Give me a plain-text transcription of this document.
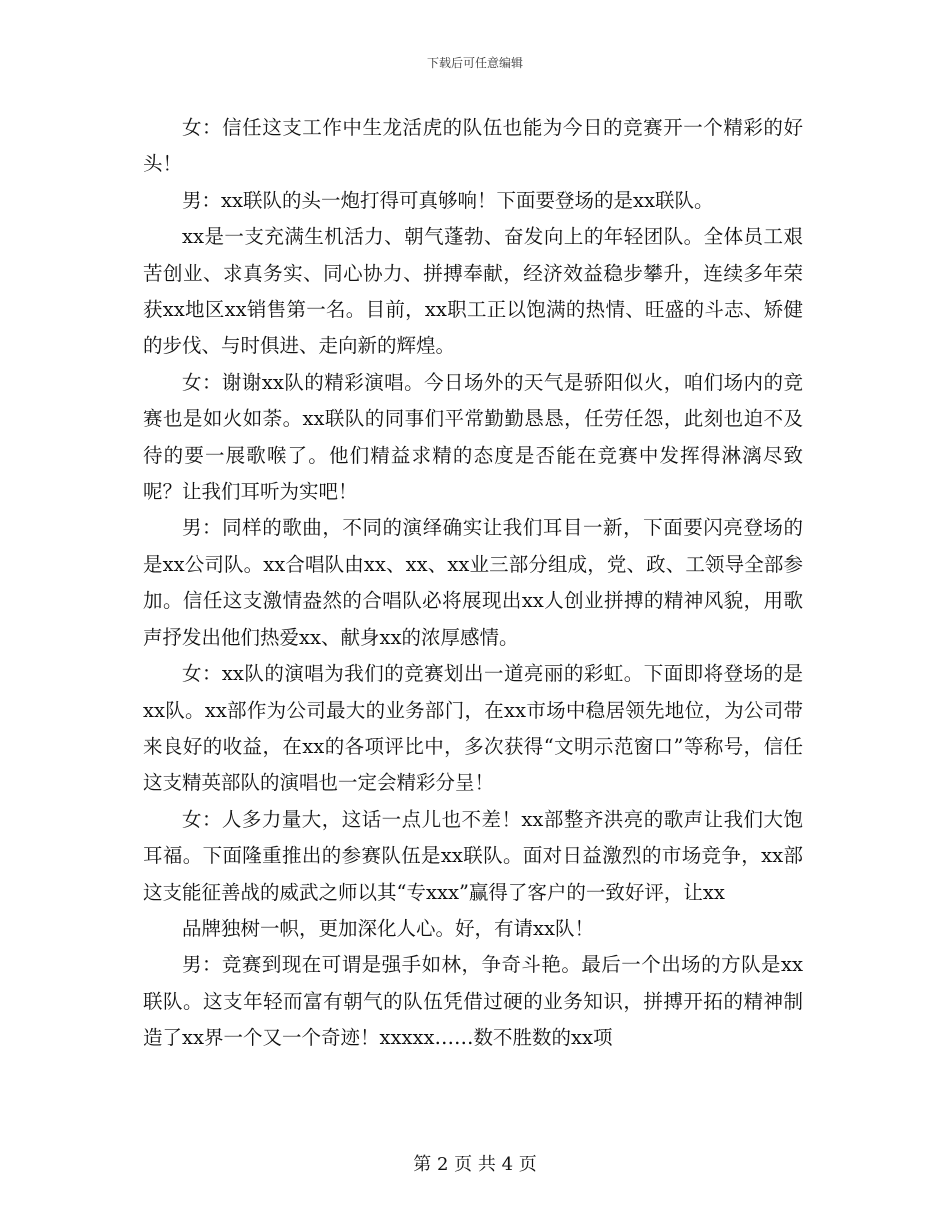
下载后可任意编辑

女：信任这支工作中生龙活虎的队伍也能为今日的竞赛开一个精彩的好头！

男：xx联队的头一炮打得可真够响！下面要登场的是xx联队。

xx是一支充满生机活力、朝气蓬勃、奋发向上的年轻团队。全体员工艰苦创业、求真务实、同心协力、拼搏奉献，经济效益稳步攀升，连续多年荣获xx地区xx销售第一名。目前，xx职工正以饱满的热情、旺盛的斗志、矫健的步伐、与时俱进、走向新的辉煌。

女：谢谢xx队的精彩演唱。今日场外的天气是骄阳似火，咱们场内的竞赛也是如火如荼。xx联队的同事们平常勤勤恳恳，任劳任怨，此刻也迫不及待的要一展歌喉了。他们精益求精的态度是否能在竞赛中发挥得淋漓尽致呢？让我们耳听为实吧！

男：同样的歌曲，不同的演绎确实让我们耳目一新，下面要闪亮登场的是xx公司队。xx合唱队由xx、xx、xx业三部分组成，党、政、工领导全部参加。信任这支激情盎然的合唱队必将展现出xx人创业拼搏的精神风貌，用歌声抒发出他们热爱xx、献身xx的浓厚感情。

女：xx队的演唱为我们的竞赛划出一道亮丽的彩虹。下面即将登场的是xx队。xx部作为公司最大的业务部门，在xx市场中稳居领先地位，为公司带来良好的收益，在xx的各项评比中，多次获得“文明示范窗口”等称号，信任这支精英部队的演唱也一定会精彩分呈！

女：人多力量大，这话一点儿也不差！xx部整齐洪亮的歌声让我们大饱耳福。下面隆重推出的参赛队伍是xx联队。面对日益激烈的市场竞争，xx部这支能征善战的威武之师以其“专xxx”赢得了客户的一致好评，让xx

品牌独树一帜，更加深化人心。好，有请xx队！

男：竞赛到现在可谓是强手如林，争奇斗艳。最后一个出场的方队是xx联队。这支年轻而富有朝气的队伍凭借过硬的业务知识，拼搏开拓的精神制造了xx界一个又一个奇迹！xxxxx……数不胜数的xx项

第 2 页 共 4 页
